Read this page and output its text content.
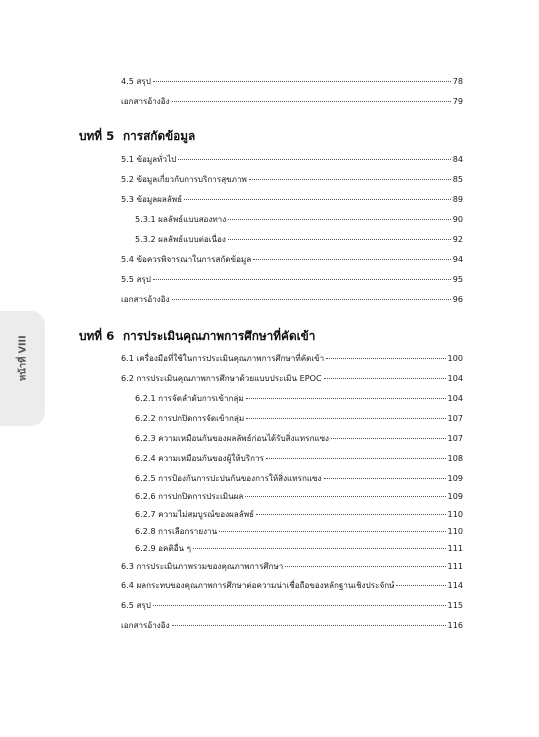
หน้าที่ VIII
4.5 สรุป	78
เอกสารอ้างอิง	79
บทที่ 5 การสกัดข้อมูล
5.1 ข้อมูลทั่วไป	84
5.2 ข้อมูลเกี่ยวกับการบริการสุขภาพ	85
5.3 ข้อมูลผลลัพธ์	89
5.3.1 ผลลัพธ์แบบสองทาง	90
5.3.2 ผลลัพธ์แบบต่อเนื่อง	92
5.4 ข้อควรพิจารณาในการสกัดข้อมูล	94
5.5 สรุป	95
เอกสารอ้างอิง	96
บทที่ 6 การประเมินคุณภาพการศึกษาที่คัดเข้า
6.1 เครื่องมือที่ใช้ในการประเมินคุณภาพการศึกษาที่คัดเข้า	100
6.2 การประเมินคุณภาพการศึกษาด้วยแบบประเมิน EPOC	104
6.2.1 การจัดลำดับการเข้ากลุ่ม	104
6.2.2 การปกปิดการจัดเข้ากลุ่ม	107
6.2.3 ความเหมือนกันของผลลัพธ์ก่อนได้รับสิ่งแทรกแซง	107
6.2.4 ความเหมือนกันของผู้ให้บริการ	108
6.2.5 การป้องกันการปะปนกันของการให้สิ่งแทรกแซง	109
6.2.6 การปกปิดการประเมินผล	109
6.2.7 ความไม่สมบูรณ์ของผลลัพธ์	110
6.2.8 การเลือกรายงาน	110
6.2.9 อคติอื่น ๆ	111
6.3 การประเมินภาพรวมของคุณภาพการศึกษา	111
6.4 ผลกระทบของคุณภาพการศึกษาต่อความน่าเชื่อถือของหลักฐานเชิงประจักษ์	114
6.5 สรุป	115
เอกสารอ้างอิง	116
